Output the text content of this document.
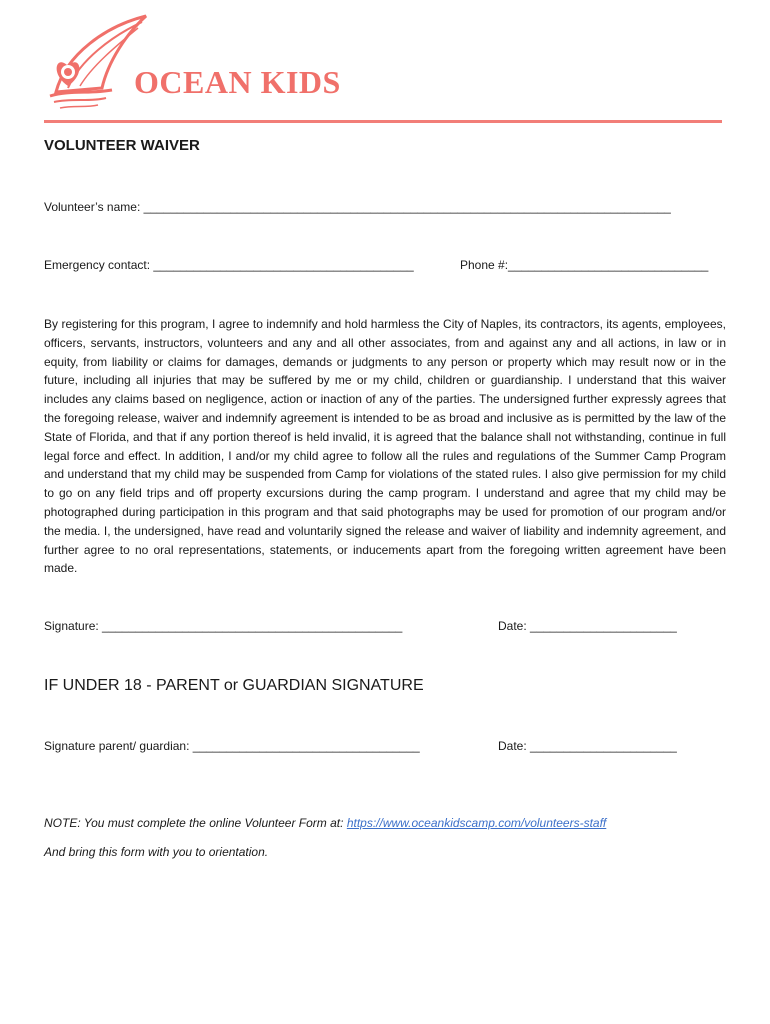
OCEAN KIDS
VOLUNTEER WAIVER
Volunteer’s name: _______________________________________________________________________________
Emergency contact: _______________________________________	Phone #:______________________________
By registering for this program, I agree to indemnify and hold harmless the City of Naples, its contractors, its agents, employees, officers, servants, instructors, volunteers and any and all other associates, from and against any and all actions, in law or in equity, from liability or claims for damages, demands or judgments to any person or property which may result now or in the future, including all injuries that may be suffered by me or my child, children or guardianship. I understand that this waiver includes any claims based on negligence, action or inaction of any of the parties. The undersigned further expressly agrees that the foregoing release, waiver and indemnify agreement is intended to be as broad and inclusive as is permitted by the law of the State of Florida, and that if any portion thereof is held invalid, it is agreed that the balance shall not withstanding, continue in full legal force and effect. In addition, I and/or my child agree to follow all the rules and regulations of the Summer Camp Program and understand that my child may be suspended from Camp for violations of the stated rules. I also give permission for my child to go on any field trips and off property excursions during the camp program. I understand and agree that my child may be photographed during participation in this program and that said photographs may be used for promotion of our program and/or the media. I, the undersigned, have read and voluntarily signed the release and waiver of liability and indemnity agreement, and further agree to no oral representations, statements, or inducements apart from the foregoing written agreement have been made.
Signature: _____________________________________________	Date: ______________________
IF UNDER 18 - PARENT or GUARDIAN SIGNATURE
Signature parent/ guardian: __________________________________	Date: ______________________
NOTE: You must complete the online Volunteer Form at: https://www.oceankidscamp.com/volunteers-staff
And bring this form with you to orientation.
